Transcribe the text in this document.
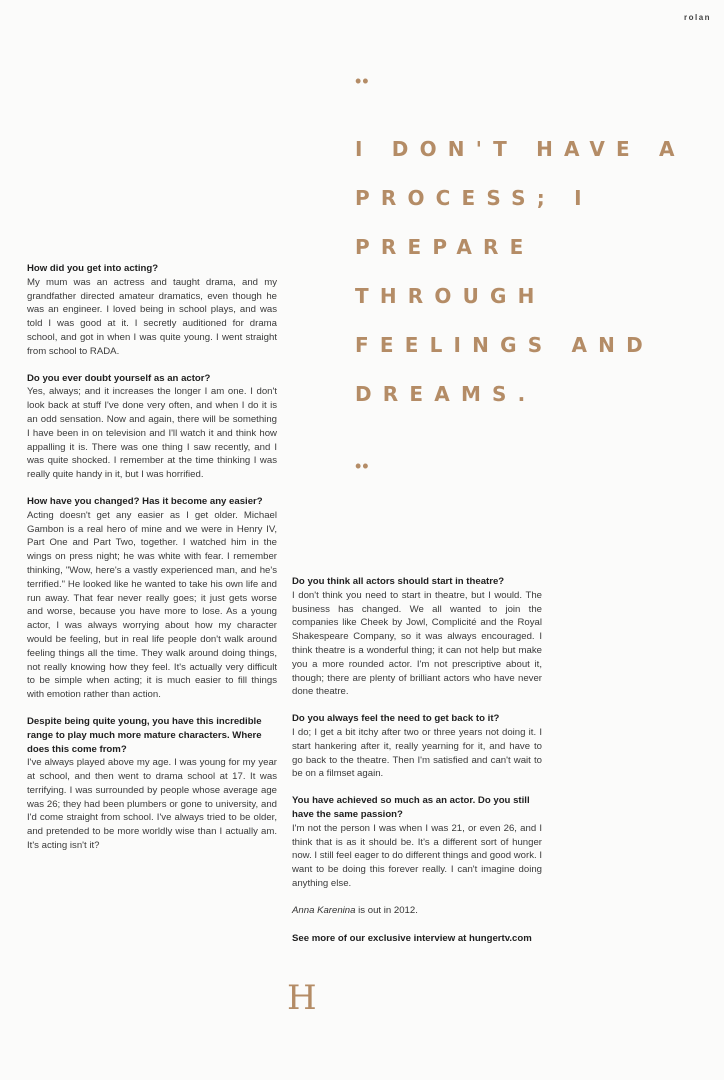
rolan
••

I DON'T HAVE A PROCESS; I PREPARE THROUGH FEELINGS AND DREAMS.

••

How did you get into acting?

My mum was an actress and taught drama, and my grandfather directed amateur dramatics, even though he was an engineer. I loved being in school plays, and was told I was good at it. I secretly auditioned for drama school, and got in when I was quite young. I went straight from school to RADA.

Do you ever doubt yourself as an actor?

Yes, always; and it increases the longer I am one. I don't look back at stuff I've done very often, and when I do it is an odd sensation. Now and again, there will be something I have been in on television and I'll watch it and think how appalling it is. There was one thing I saw recently, and I was quite shocked. I remember at the time thinking I was really quite handy in it, but I was horrified.

How have you changed? Has it become any easier?

Acting doesn't get any easier as I get older. Michael Gambon is a real hero of mine and we were in Henry IV, Part One and Part Two, together. I watched him in the wings on press night; he was white with fear. I remember thinking, "Wow, here's a vastly experienced man, and he's terrified." He looked like he wanted to take his own life and run away. That fear never really goes; it just gets worse and worse, because you have more to lose. As a young actor, I was always worrying about how my character would be feeling, but in real life people don't walk around feeling things all the time. They walk around doing things, not really knowing how they feel. It's actually very difficult to be simple when acting; it is much easier to fill things with emotion rather than action.

Despite being quite young, you have this incredible range to play much more mature characters. Where does this come from?

I've always played above my age. I was young for my year at school, and then went to drama school at 17. It was terrifying. I was surrounded by people whose average age was 26; they had been plumbers or gone to university, and I'd come straight from school. I've always tried to be older, and pretended to be more worldly wise than I actually am. It's acting isn't it?

Do you think all actors should start in theatre?

I don't think you need to start in theatre, but I would. The business has changed. We all wanted to join the companies like Cheek by Jowl, Complicité and the Royal Shakespeare Company, so it was always encouraged. I think theatre is a wonderful thing; it can not help but make you a more rounded actor. I'm not prescriptive about it, though; there are plenty of brilliant actors who have never done theatre.

Do you always feel the need to get back to it?

I do; I get a bit itchy after two or three years not doing it. I start hankering after it, really yearning for it, and have to go back to the theatre. Then I'm satisfied and can't wait to be on a filmset again.

You have achieved so much as an actor. Do you still have the same passion?

I'm not the person I was when I was 21, or even 26, and I think that is as it should be. It's a different sort of hunger now. I still feel eager to do different things and good work. I want to be doing this forever really. I can't imagine doing anything else.

Anna Karenina is out in 2012.

See more of our exclusive interview at hungertv.com

H
